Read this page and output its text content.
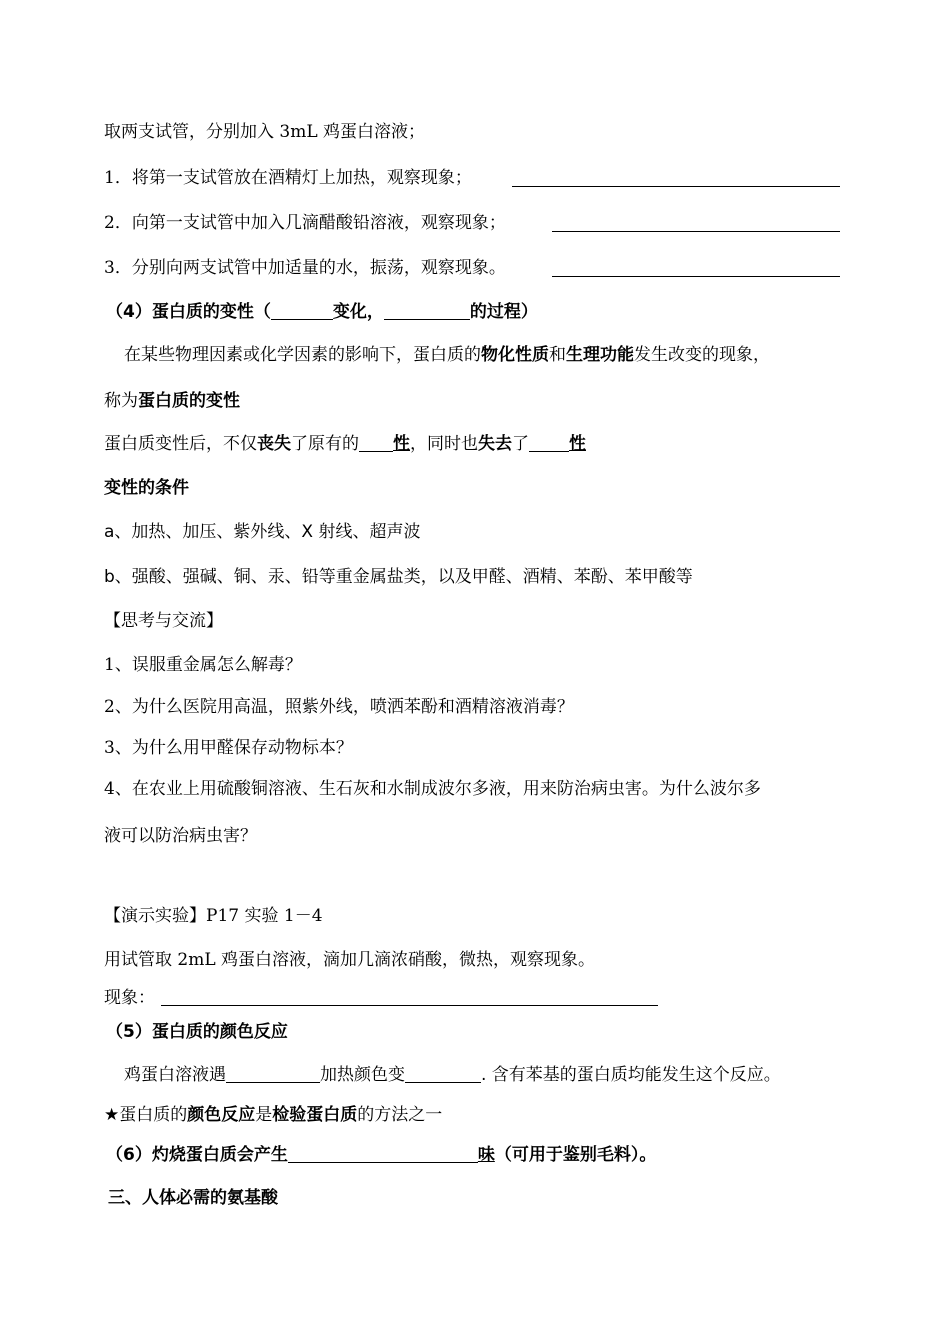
取两支试管，分别加入 3mL 鸡蛋白溶液；
1．将第一支试管放在酒精灯上加热，观察现象；
2．向第一支试管中加入几滴醋酸铅溶液，观察现象；
3．分别向两支试管中加适量的水，振荡，观察现象。
（4）蛋白质的变性（	变化，	的过程）
在某些物理因素或化学因素的影响下，蛋白质的物化性质和生理功能发生改变的现象，
称为蛋白质的变性
蛋白质变性后，不仅丧失了原有的 性，同时也失去了 性
变性的条件
a、加热、加压、紫外线、X 射线、超声波
b、强酸、强碱、铜、汞、铅等重金属盐类，以及甲醛、酒精、苯酚、苯甲酸等
【思考与交流】
1、误服重金属怎么解毒？
2、为什么医院用高温，照紫外线，喷洒苯酚和酒精溶液消毒？
3、为什么用甲醛保存动物标本？
4、在农业上用硫酸铜溶液、生石灰和水制成波尔多液，用来防治病虫害。为什么波尔多
液可以防治病虫害？
【演示实验】P17 实验 1－4
用试管取 2mL 鸡蛋白溶液，滴加几滴浓硝酸，微热，观察现象。
现象：
（5）蛋白质的颜色反应
鸡蛋白溶液遇	加热颜色变	. 含有苯基的蛋白质均能发生这个反应。
★蛋白质的颜色反应是检验蛋白质的方法之一
（6）灼烧蛋白质会产生	味（可用于鉴别毛料）。
三、人体必需的氨基酸
